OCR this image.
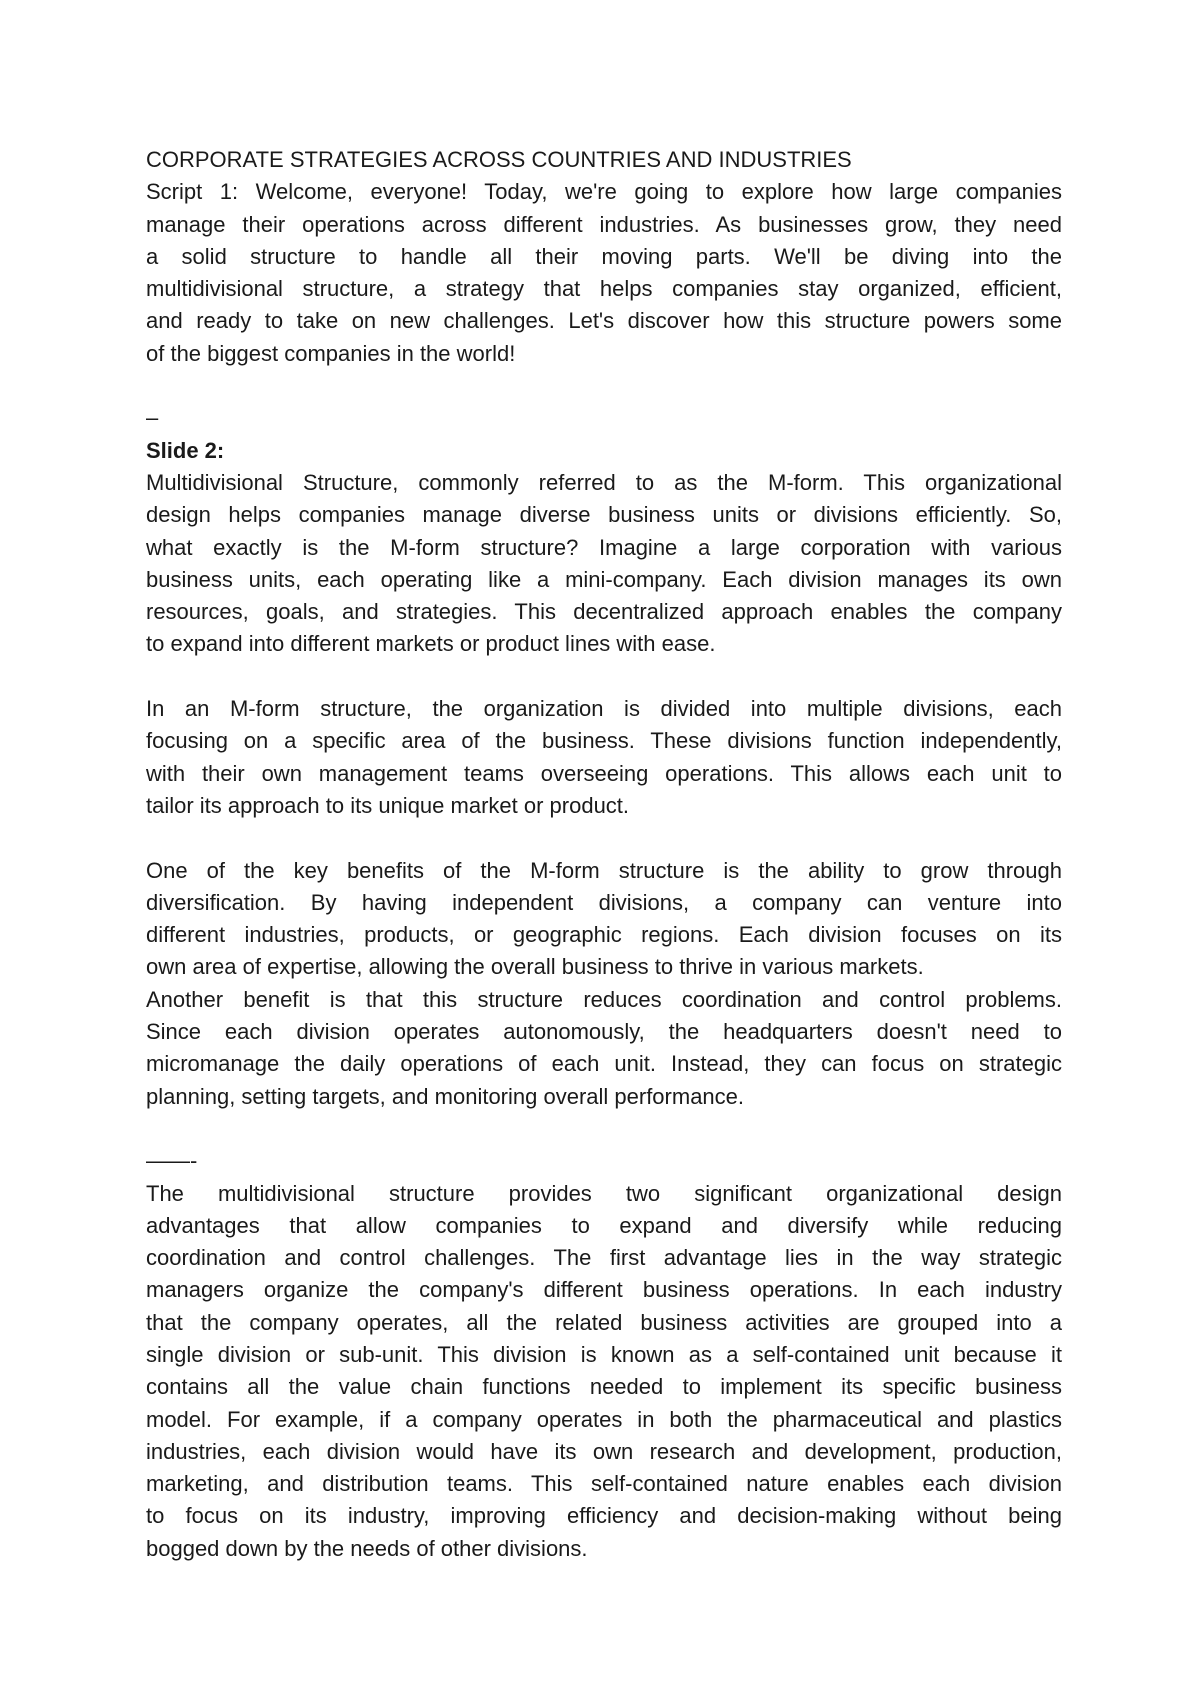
CORPORATE STRATEGIES ACROSS COUNTRIES AND INDUSTRIES
Script 1: Welcome, everyone! Today, we're going to explore how large companies
manage their operations across different industries. As businesses grow, they need
a solid structure to handle all their moving parts. We'll be diving into the
multidivisional structure, a strategy that helps companies stay organized, efficient,
and ready to take on new challenges. Let's discover how this structure powers some
of the biggest companies in the world!
–
Slide 2:
Multidivisional Structure, commonly referred to as the M-form. This organizational
design helps companies manage diverse business units or divisions efficiently. So,
what exactly is the M-form structure? Imagine a large corporation with various
business units, each operating like a mini-company. Each division manages its own
resources, goals, and strategies. This decentralized approach enables the company
to expand into different markets or product lines with ease.
In an M-form structure, the organization is divided into multiple divisions, each
focusing on a specific area of the business. These divisions function independently,
with their own management teams overseeing operations. This allows each unit to
tailor its approach to its unique market or product.
One of the key benefits of the M-form structure is the ability to grow through
diversification. By having independent divisions, a company can venture into
different industries, products, or geographic regions. Each division focuses on its
own area of expertise, allowing the overall business to thrive in various markets.
Another benefit is that this structure reduces coordination and control problems.
Since each division operates autonomously, the headquarters doesn't need to
micromanage the daily operations of each unit. Instead, they can focus on strategic
planning, setting targets, and monitoring overall performance.
——-
The multidivisional structure provides two significant organizational design
advantages that allow companies to expand and diversify while reducing
coordination and control challenges. The first advantage lies in the way strategic
managers organize the company's different business operations. In each industry
that the company operates, all the related business activities are grouped into a
single division or sub-unit. This division is known as a self-contained unit because it
contains all the value chain functions needed to implement its specific business
model. For example, if a company operates in both the pharmaceutical and plastics
industries, each division would have its own research and development, production,
marketing, and distribution teams. This self-contained nature enables each division
to focus on its industry, improving efficiency and decision-making without being
bogged down by the needs of other divisions.
